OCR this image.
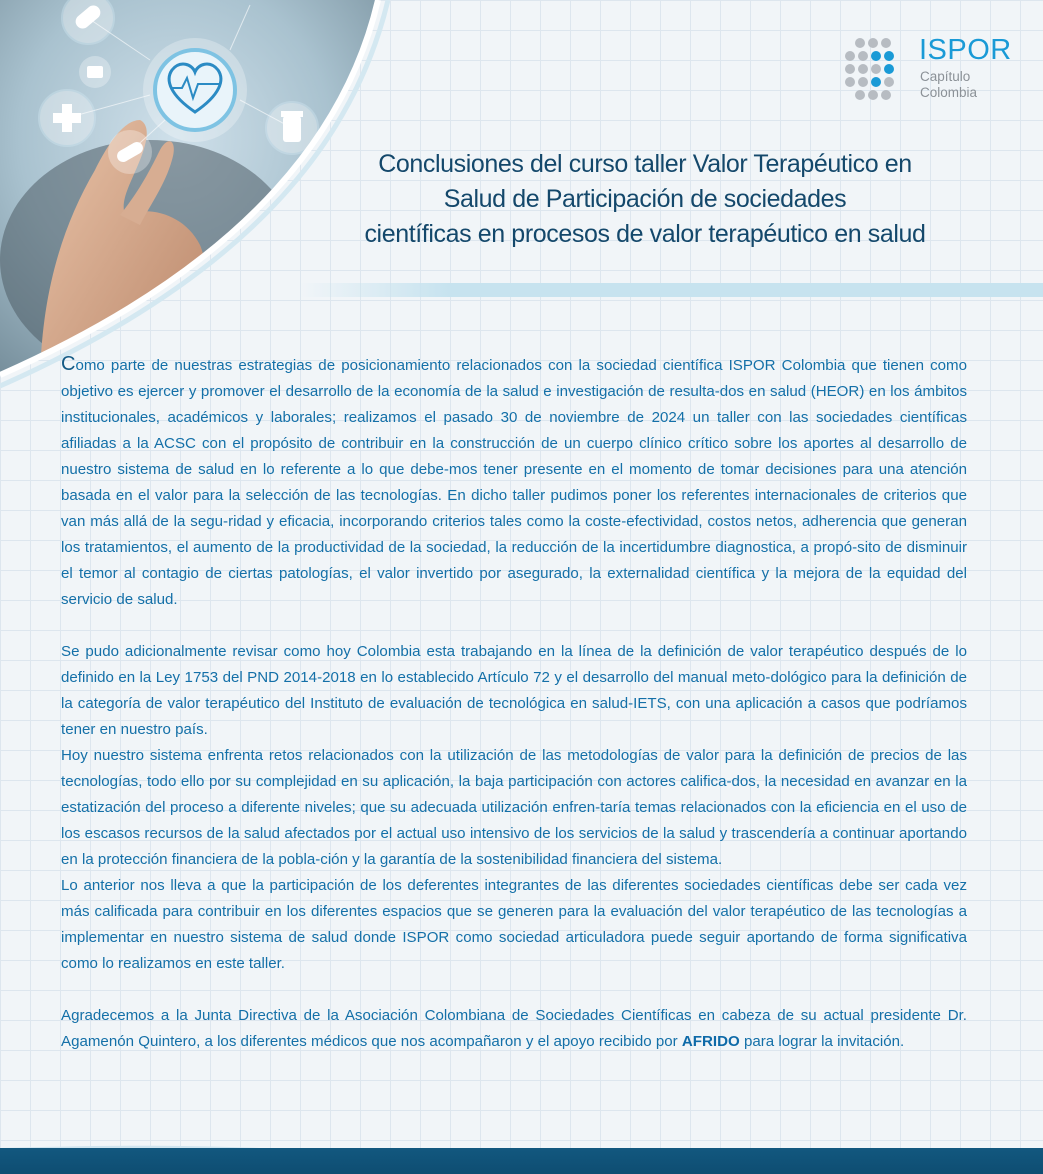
ISPOR
Capítulo
Colombia
Conclusiones del curso taller Valor Terapéutico en
Salud de Participación de sociedades
científicas en procesos de valor terapéutico en salud

Como parte de nuestras estrategias de posicionamiento relacionados con la sociedad científica ISPOR Colombia que tienen como objetivo es ejercer y promover el desarrollo de la economía de la salud e investigación de resulta-dos en salud (HEOR) en los ámbitos institucionales, académicos y laborales; realizamos el pasado 30 de noviembre de 2024 un taller con las sociedades científicas afiliadas a la ACSC con el propósito de contribuir en la construcción de un cuerpo clínico crítico sobre los aportes al desarrollo de nuestro sistema de salud en lo referente a lo que debe-mos tener presente en el momento de tomar decisiones para una atención basada en el valor para la selección de las tecnologías. En dicho taller pudimos poner los referentes internacionales de criterios que van más allá de la segu-ridad y eficacia, incorporando criterios tales como la coste-efectividad, costos netos, adherencia que generan los tratamientos, el aumento de la productividad de la sociedad, la reducción de la incertidumbre diagnostica, a propó-sito de disminuir el temor al contagio de ciertas patologías, el valor invertido por asegurado, la externalidad científica y la mejora de la equidad del servicio de salud.

Se pudo adicionalmente revisar como hoy Colombia esta trabajando en la línea de la definición de valor terapéutico después de lo definido en la Ley 1753 del PND 2014-2018 en lo establecido Artículo 72 y el desarrollo del manual meto-dológico para la definición de la categoría de valor terapéutico del Instituto de evaluación de tecnológica en salud-IETS, con una aplicación a casos que podríamos tener en nuestro país.

Hoy nuestro sistema enfrenta retos relacionados con la utilización de las metodologías de valor para la definición de precios de las tecnologías, todo ello por su complejidad en su aplicación, la baja participación con actores califica-dos, la necesidad en avanzar en la estatización del proceso a diferente niveles; que su adecuada utilización enfren-taría temas relacionados con la eficiencia en el uso de los escasos recursos de la salud afectados por el actual uso intensivo de los servicios de la salud y trascendería a continuar aportando en la protección financiera de la pobla-ción y la garantía de la sostenibilidad financiera del sistema.

Lo anterior nos lleva a que la participación de los deferentes integrantes de las diferentes sociedades científicas debe ser cada vez más calificada para contribuir en los diferentes espacios que se generen para la evaluación del valor terapéutico de las tecnologías a implementar en nuestro sistema de salud donde ISPOR como sociedad articuladora puede seguir aportando de forma significativa como lo realizamos en este taller.

Agradecemos a la Junta Directiva de la Asociación Colombiana de Sociedades Científicas en cabeza de su actual presidente Dr. Agamenón Quintero, a los diferentes médicos que nos acompañaron y el apoyo recibido por AFRIDO para lograr la invitación.
